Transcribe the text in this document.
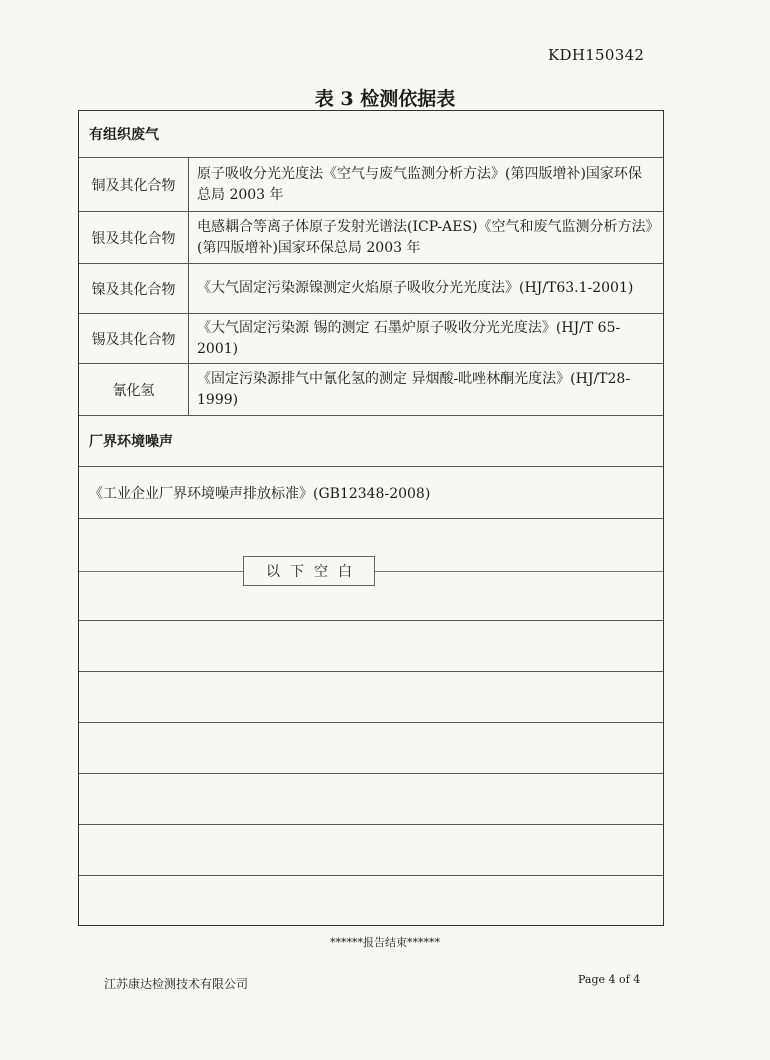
KDH150342
表 3 检测依据表
有组织废气
铜及其化合物
原子吸收分光光度法《空气与废气监测分析方法》(第四版增补)国家环保总局 2003 年
银及其化合物
电感耦合等离子体原子发射光谱法(ICP-AES)《空气和废气监测分析方法》(第四版增补)国家环保总局 2003 年
镍及其化合物	《大气固定污染源镍测定火焰原子吸收分光光度法》(HJ/T63.1-2001)
锡及其化合物
《大气固定污染源 锡的测定 石墨炉原子吸收分光光度法》(HJ/T 65-2001)
氰化氢
《固定污染源排气中氰化氢的测定 异烟酸-吡唑林酮光度法》(HJ/T28-1999)
厂界环境噪声
《工业企业厂界环境噪声排放标准》(GB12348-2008)
以下空白
******报告结束******
江苏康达检测技术有限公司	Page 4 of 4
